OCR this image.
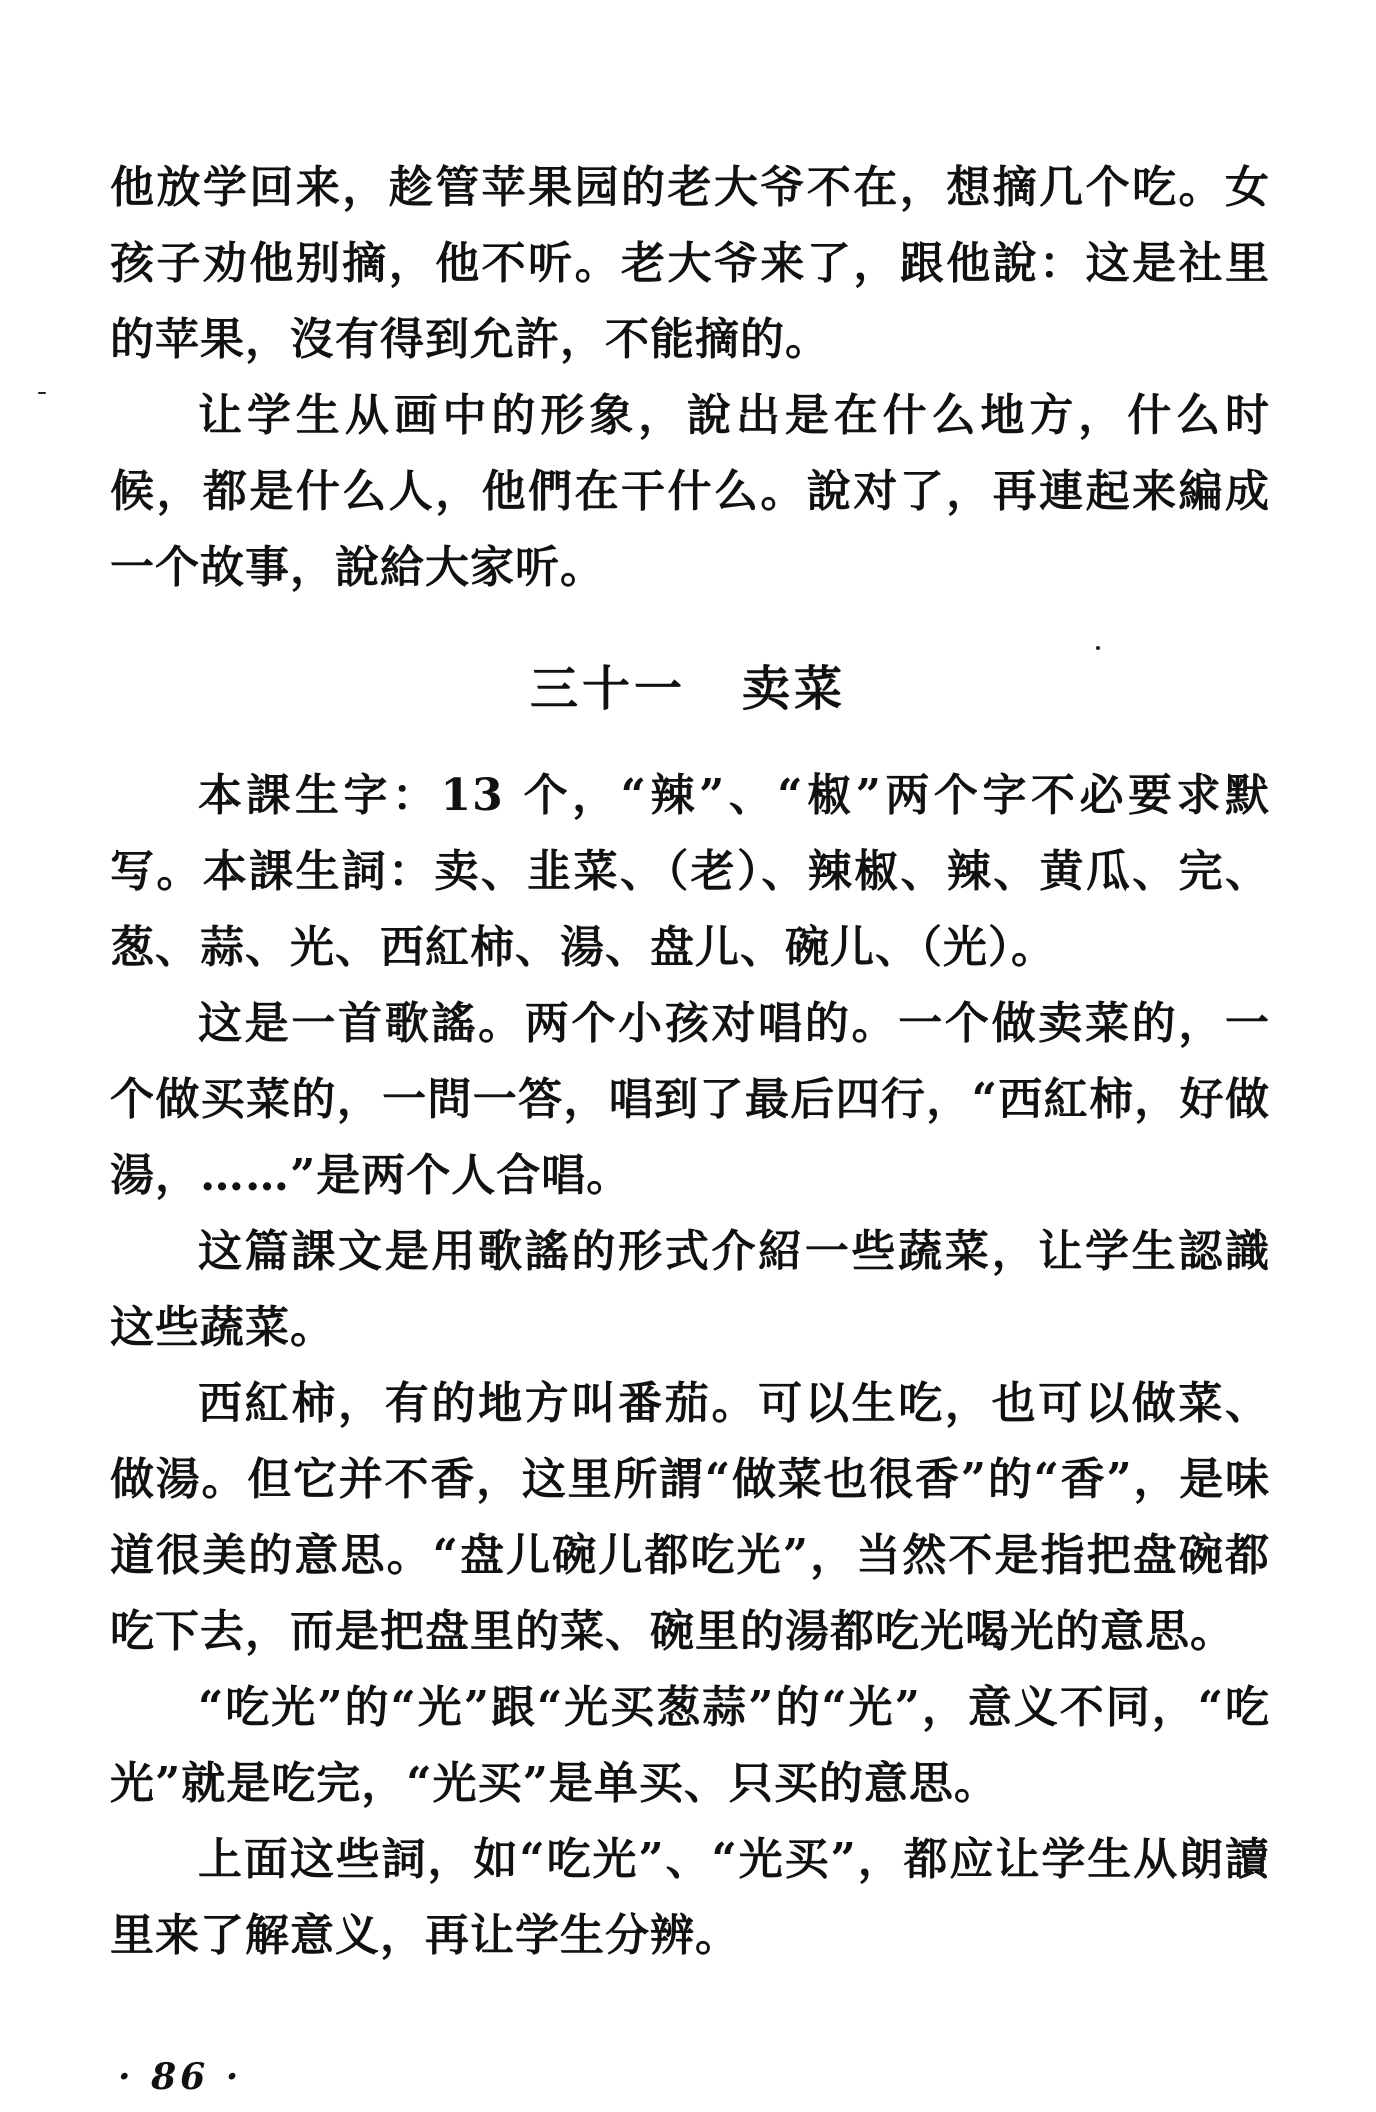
他放学回来，趁管苹果园的老大爷不在，想摘几个吃。女孩子劝他别摘，他不听。老大爷来了，跟他說：这是社里的苹果，沒有得到允許，不能摘的。

让学生从画中的形象，說出是在什么地方，什么时候，都是什么人，他們在干什么。說对了，再連起来編成一个故事，說給大家听。

三十一 卖菜

本課生字：13 个，“辣”、“椒”两个字不必要求默写。本課生詞：卖、韭菜、（老）、辣椒、辣、黄瓜、完、葱、蒜、光、西紅柿、湯、盘儿、碗儿、（光）。

这是一首歌謠。两个小孩对唱的。一个做卖菜的，一个做买菜的，一問一答，唱到了最后四行，“西紅柿，好做湯，……”是两个人合唱。

这篇課文是用歌謠的形式介紹一些蔬菜，让学生認識这些蔬菜。

西紅柿，有的地方叫番茄。可以生吃，也可以做菜、做湯。但它并不香，这里所謂“做菜也很香”的“香”，是味道很美的意思。“盘儿碗儿都吃光”，当然不是指把盘碗都吃下去，而是把盘里的菜、碗里的湯都吃光喝光的意思。

“吃光”的“光”跟“光买葱蒜”的“光”，意义不同，“吃光”就是吃完，“光买”是单买、只买的意思。

上面这些詞，如“吃光”、“光买”，都应让学生从朗讀里来了解意义，再让学生分辨。

· 86 ·
